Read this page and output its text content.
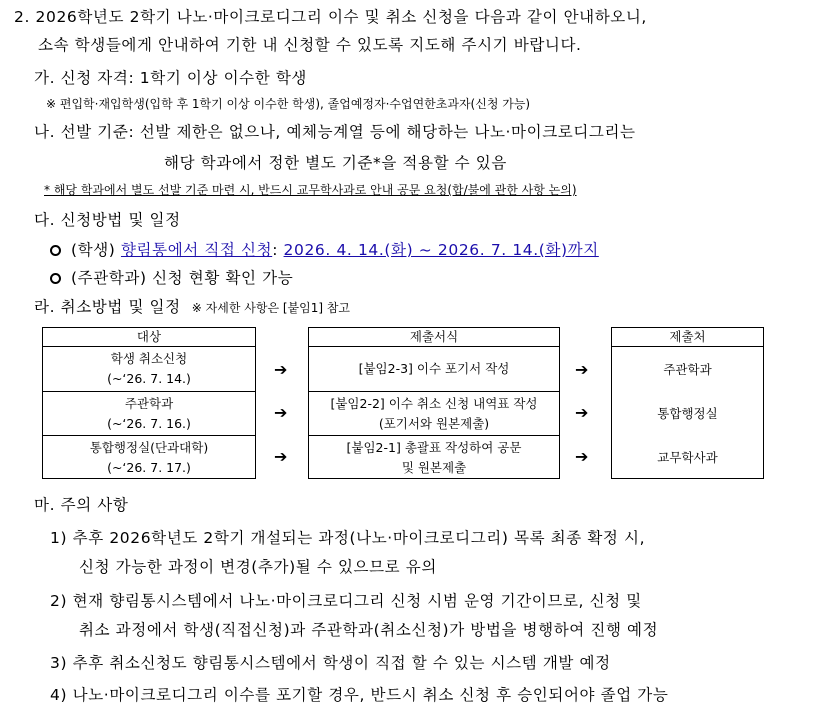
2. 2026학년도 2학기 나노·마이크로디그리 이수 및 취소 신청을 다음과 같이 안내하오니,
소속 학생들에게 안내하여 기한 내 신청할 수 있도록 지도해 주시기 바랍니다.
가. 신청 자격: 1학기 이상 이수한 학생
※ 편입학·재입학생(입학 후 1학기 이상 이수한 학생), 졸업예정자·수업연한초과자(신청 가능)
나. 선발 기준: 선발 제한은 없으나, 예체능계열 등에 해당하는 나노·마이크로디그리는
해당 학과에서 정한 별도 기준*을 적용할 수 있음
* 해당 학과에서 별도 선발 기준 마련 시, 반드시 교무학사과로 안내 공문 요청(합/불에 관한 사항 논의)
다. 신청방법 및 일정
(학생) 향림통에서 직접 신청: 2026. 4. 14.(화) ~ 2026. 7. 14.(화)까지
(주관학과) 신청 현황 확인 가능
라. 취소방법 및 일정 ※ 자세한 사항은 [붙임1] 참고
대상
학생 취소신청
(~‘26. 7. 14.)
주관학과
(~‘26. 7. 16.)
통합행정실(단과대학)
(~‘26. 7. 17.)
제출서식
[붙임2-3] 이수 포기서 작성
[붙임2-2] 이수 취소 신청 내역표 작성
(포기서와 원본제출)
[붙임2-1] 총괄표 작성하여 공문
및 원본제출
제출처
주관학과
통합행정실
교무학사과
➔
➔
➔
➔
➔
➔
마. 주의 사항
1) 추후 2026학년도 2학기 개설되는 과정(나노·마이크로디그리) 목록 최종 확정 시,
신청 가능한 과정이 변경(추가)될 수 있으므로 유의
2) 현재 향림통시스템에서 나노·마이크로디그리 신청 시범 운영 기간이므로, 신청 및
취소 과정에서 학생(직접신청)과 주관학과(취소신청)가 방법을 병행하여 진행 예정
3) 추후 취소신청도 향림통시스템에서 학생이 직접 할 수 있는 시스템 개발 예정
4) 나노·마이크로디그리 이수를 포기할 경우, 반드시 취소 신청 후 승인되어야 졸업 가능
